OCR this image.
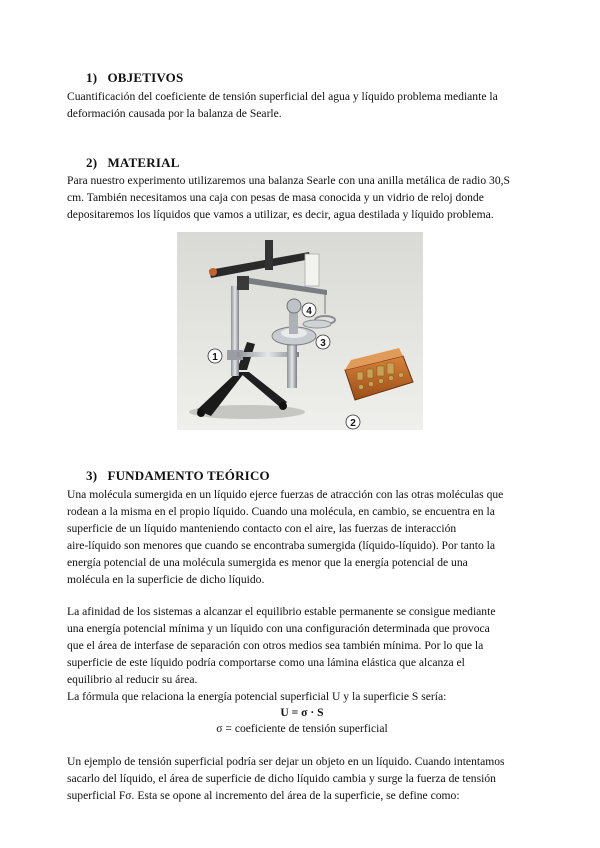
1) OBJETIVOS
Cuantificación del coeficiente de tensión superficial del agua y líquido problema mediante la
deformación causada por la balanza de Searle.
2) MATERIAL
Para nuestro experimento utilizaremos una balanza Searle con una anilla metálica de radio 30,S
cm. También necesitamos una caja con pesas de masa conocida y un vidrio de reloj donde
depositaremos los líquidos que vamos a utilizar, es decir, agua destilada y líquido problema.
1
2
3
4
3) FUNDAMENTO TEÓRICO
Una molécula sumergida en un líquido ejerce fuerzas de atracción con las otras moléculas que
rodean a la misma en el propio líquido. Cuando una molécula, en cambio, se encuentra en la
superficie de un líquido manteniendo contacto con el aire, las fuerzas de interacción
aire-líquido son menores que cuando se encontraba sumergida (líquido-líquido). Por tanto la
energía potencial de una molécula sumergida es menor que la energía potencial de una
molécula en la superficie de dicho líquido.
La afinidad de los sistemas a alcanzar el equilibrio estable permanente se consigue mediante
una energía potencial mínima y un líquido con una configuración determinada que provoca
que el área de interfase de separación con otros medios sea también mínima. Por lo que la
superficie de este líquido podría comportarse como una lámina elástica que alcanza el
equilibrio al reducir su área.
La fórmula que relaciona la energía potencial superficial U y la superficie S sería:
U = σ · S
σ = coeficiente de tensión superficial
Un ejemplo de tensión superficial podría ser dejar un objeto en un líquido. Cuando intentamos
sacarlo del líquido, el área de superficie de dicho líquido cambia y surge la fuerza de tensión
superficial Fσ. Esta se opone al incremento del área de la superficie, se define como:
